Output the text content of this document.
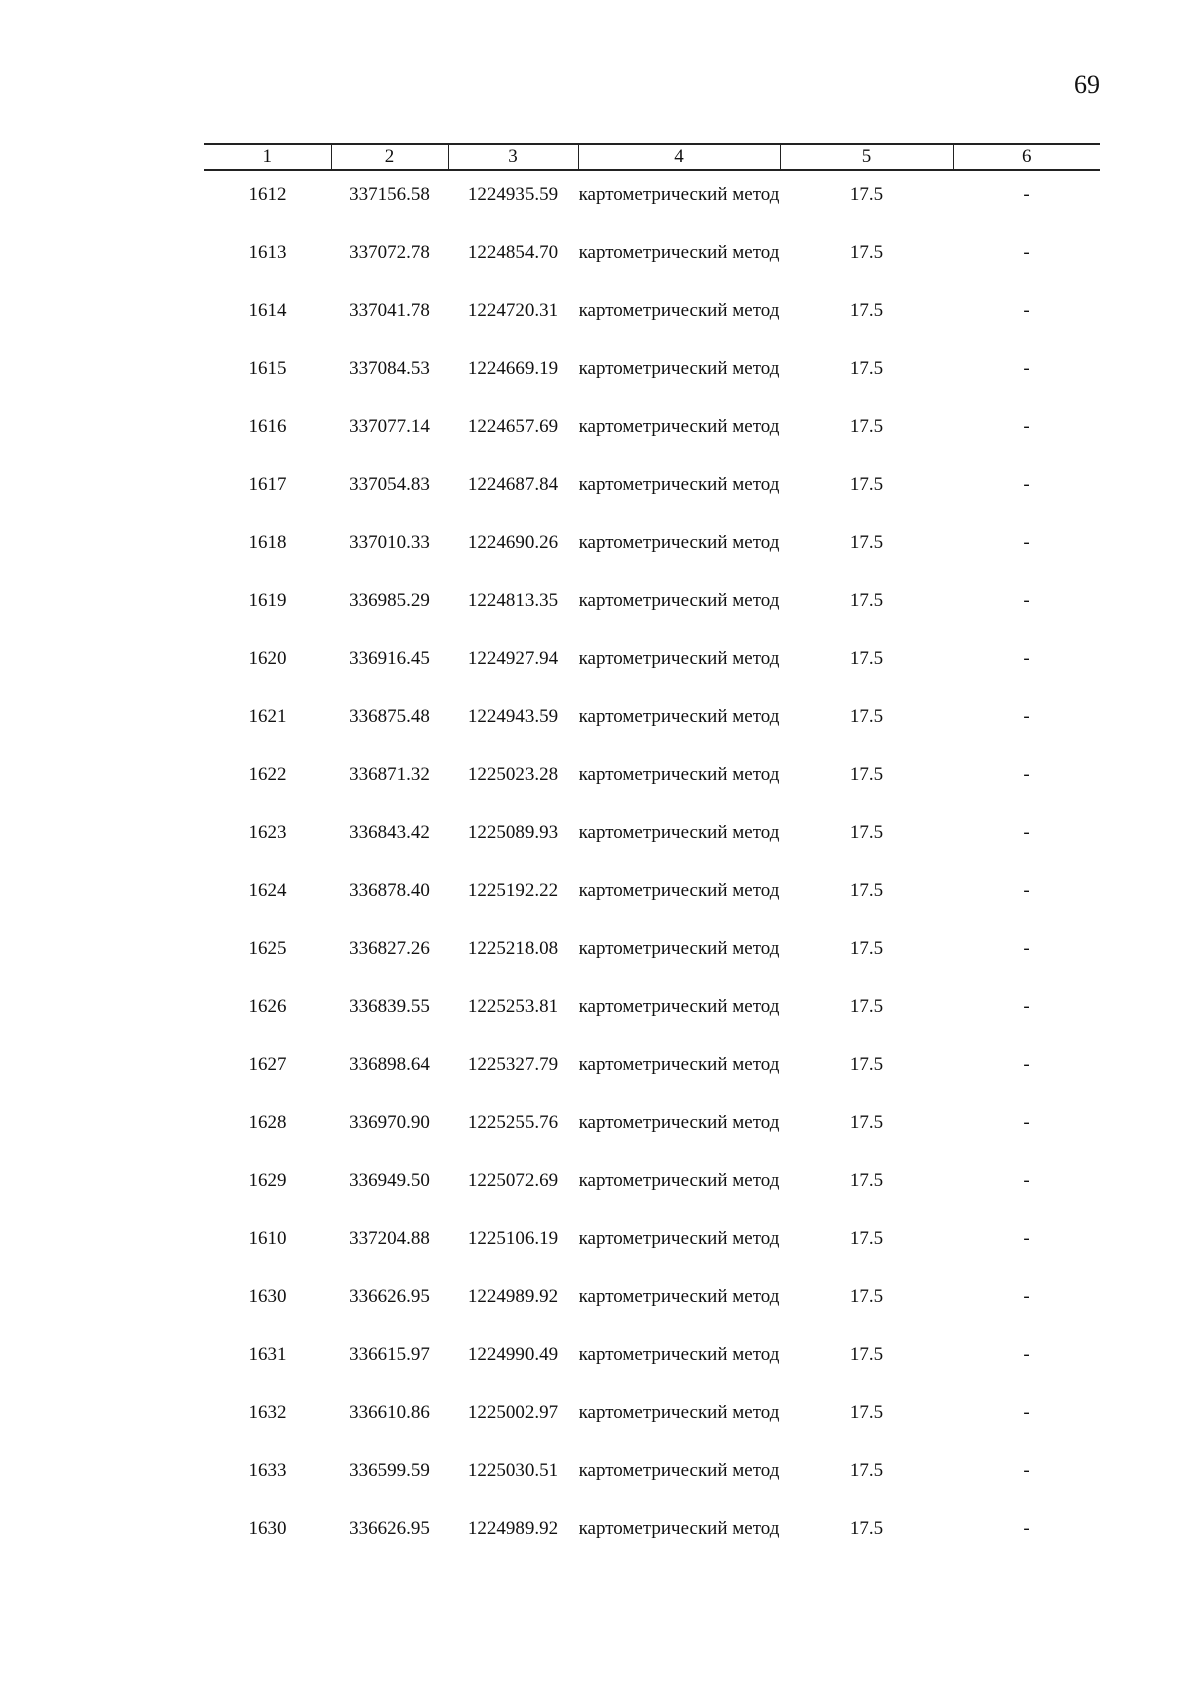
69
1	2	3	4	5	6
1612	337156.58	1224935.59	картометрический метод	17.5	-
1613	337072.78	1224854.70	картометрический метод	17.5	-
1614	337041.78	1224720.31	картометрический метод	17.5	-
1615	337084.53	1224669.19	картометрический метод	17.5	-
1616	337077.14	1224657.69	картометрический метод	17.5	-
1617	337054.83	1224687.84	картометрический метод	17.5	-
1618	337010.33	1224690.26	картометрический метод	17.5	-
1619	336985.29	1224813.35	картометрический метод	17.5	-
1620	336916.45	1224927.94	картометрический метод	17.5	-
1621	336875.48	1224943.59	картометрический метод	17.5	-
1622	336871.32	1225023.28	картометрический метод	17.5	-
1623	336843.42	1225089.93	картометрический метод	17.5	-
1624	336878.40	1225192.22	картометрический метод	17.5	-
1625	336827.26	1225218.08	картометрический метод	17.5	-
1626	336839.55	1225253.81	картометрический метод	17.5	-
1627	336898.64	1225327.79	картометрический метод	17.5	-
1628	336970.90	1225255.76	картометрический метод	17.5	-
1629	336949.50	1225072.69	картометрический метод	17.5	-
1610	337204.88	1225106.19	картометрический метод	17.5	-
1630	336626.95	1224989.92	картометрический метод	17.5	-
1631	336615.97	1224990.49	картометрический метод	17.5	-
1632	336610.86	1225002.97	картометрический метод	17.5	-
1633	336599.59	1225030.51	картометрический метод	17.5	-
1630	336626.95	1224989.92	картометрический метод	17.5	-
